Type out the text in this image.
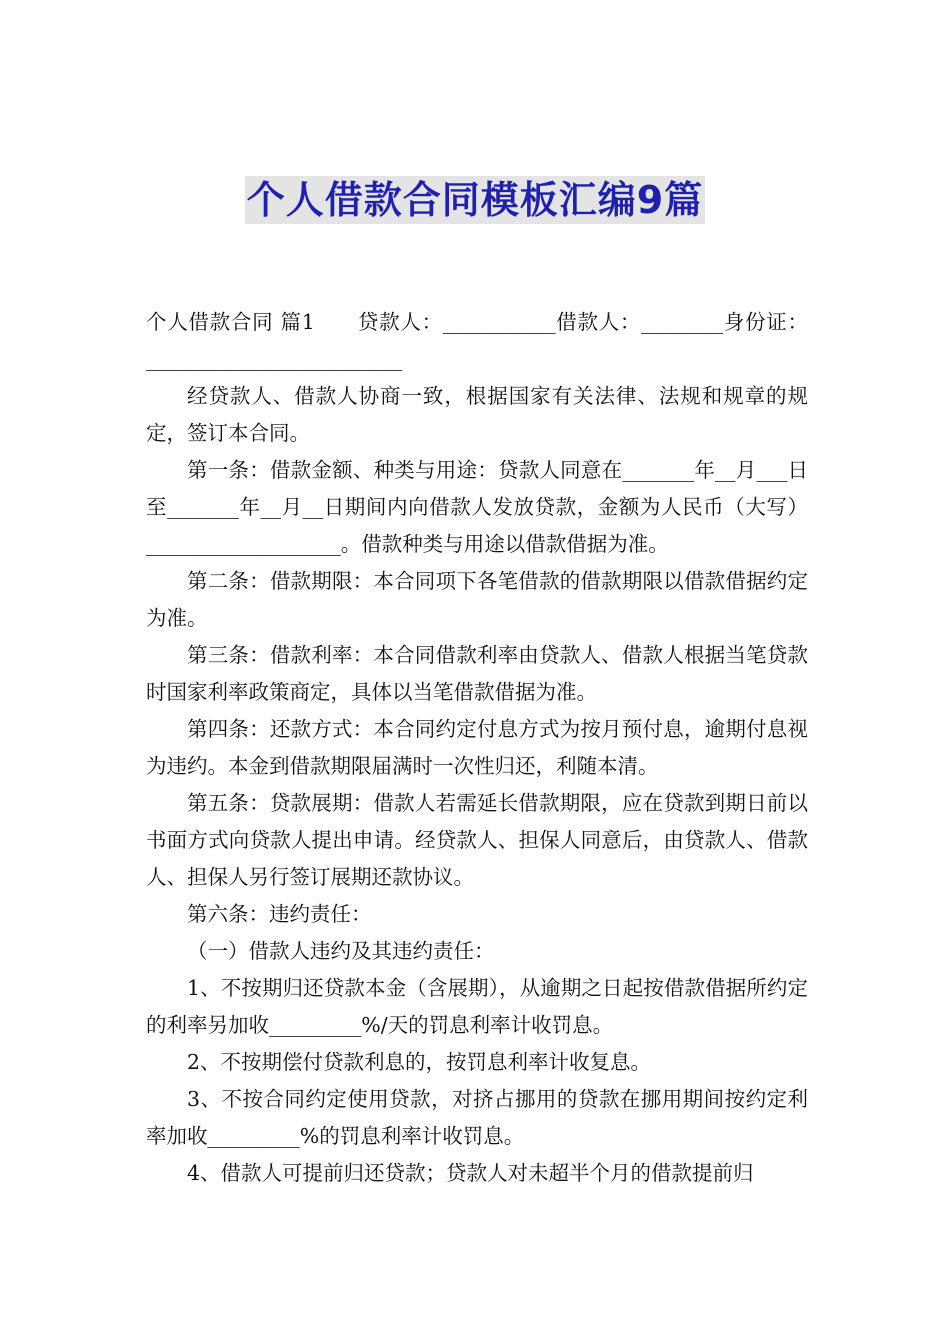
个人借款合同模板汇编9篇

个人借款合同 篇1　　贷款人：___________借款人：________身份证：_________________________

经贷款人、借款人协商一致，根据国家有关法律、法规和规章的规定，签订本合同。

第一条：借款金额、种类与用途：贷款人同意在_______年__月___日至_______年__月__日期间内向借款人发放贷款，金额为人民币（大写）___________________。借款种类与用途以借款借据为准。

第二条：借款期限：本合同项下各笔借款的借款期限以借款借据约定为准。

第三条：借款利率：本合同借款利率由贷款人、借款人根据当笔贷款时国家利率政策商定，具体以当笔借款借据为准。

第四条：还款方式：本合同约定付息方式为按月预付息，逾期付息视为违约。本金到借款期限届满时一次性归还，利随本清。

第五条：贷款展期：借款人若需延长借款期限，应在贷款到期日前以书面方式向贷款人提出申请。经贷款人、担保人同意后，由贷款人、借款人、担保人另行签订展期还款协议。

第六条：违约责任：

（一）借款人违约及其违约责任：

1、不按期归还贷款本金（含展期），从逾期之日起按借款借据所约定的利率另加收_________%/天的罚息利率计收罚息。

2、不按期偿付贷款利息的，按罚息利率计收复息。

3、不按合同约定使用贷款，对挤占挪用的贷款在挪用期间按约定利率加收_________%的罚息利率计收罚息。

4、借款人可提前归还贷款；贷款人对未超半个月的借款提前归
